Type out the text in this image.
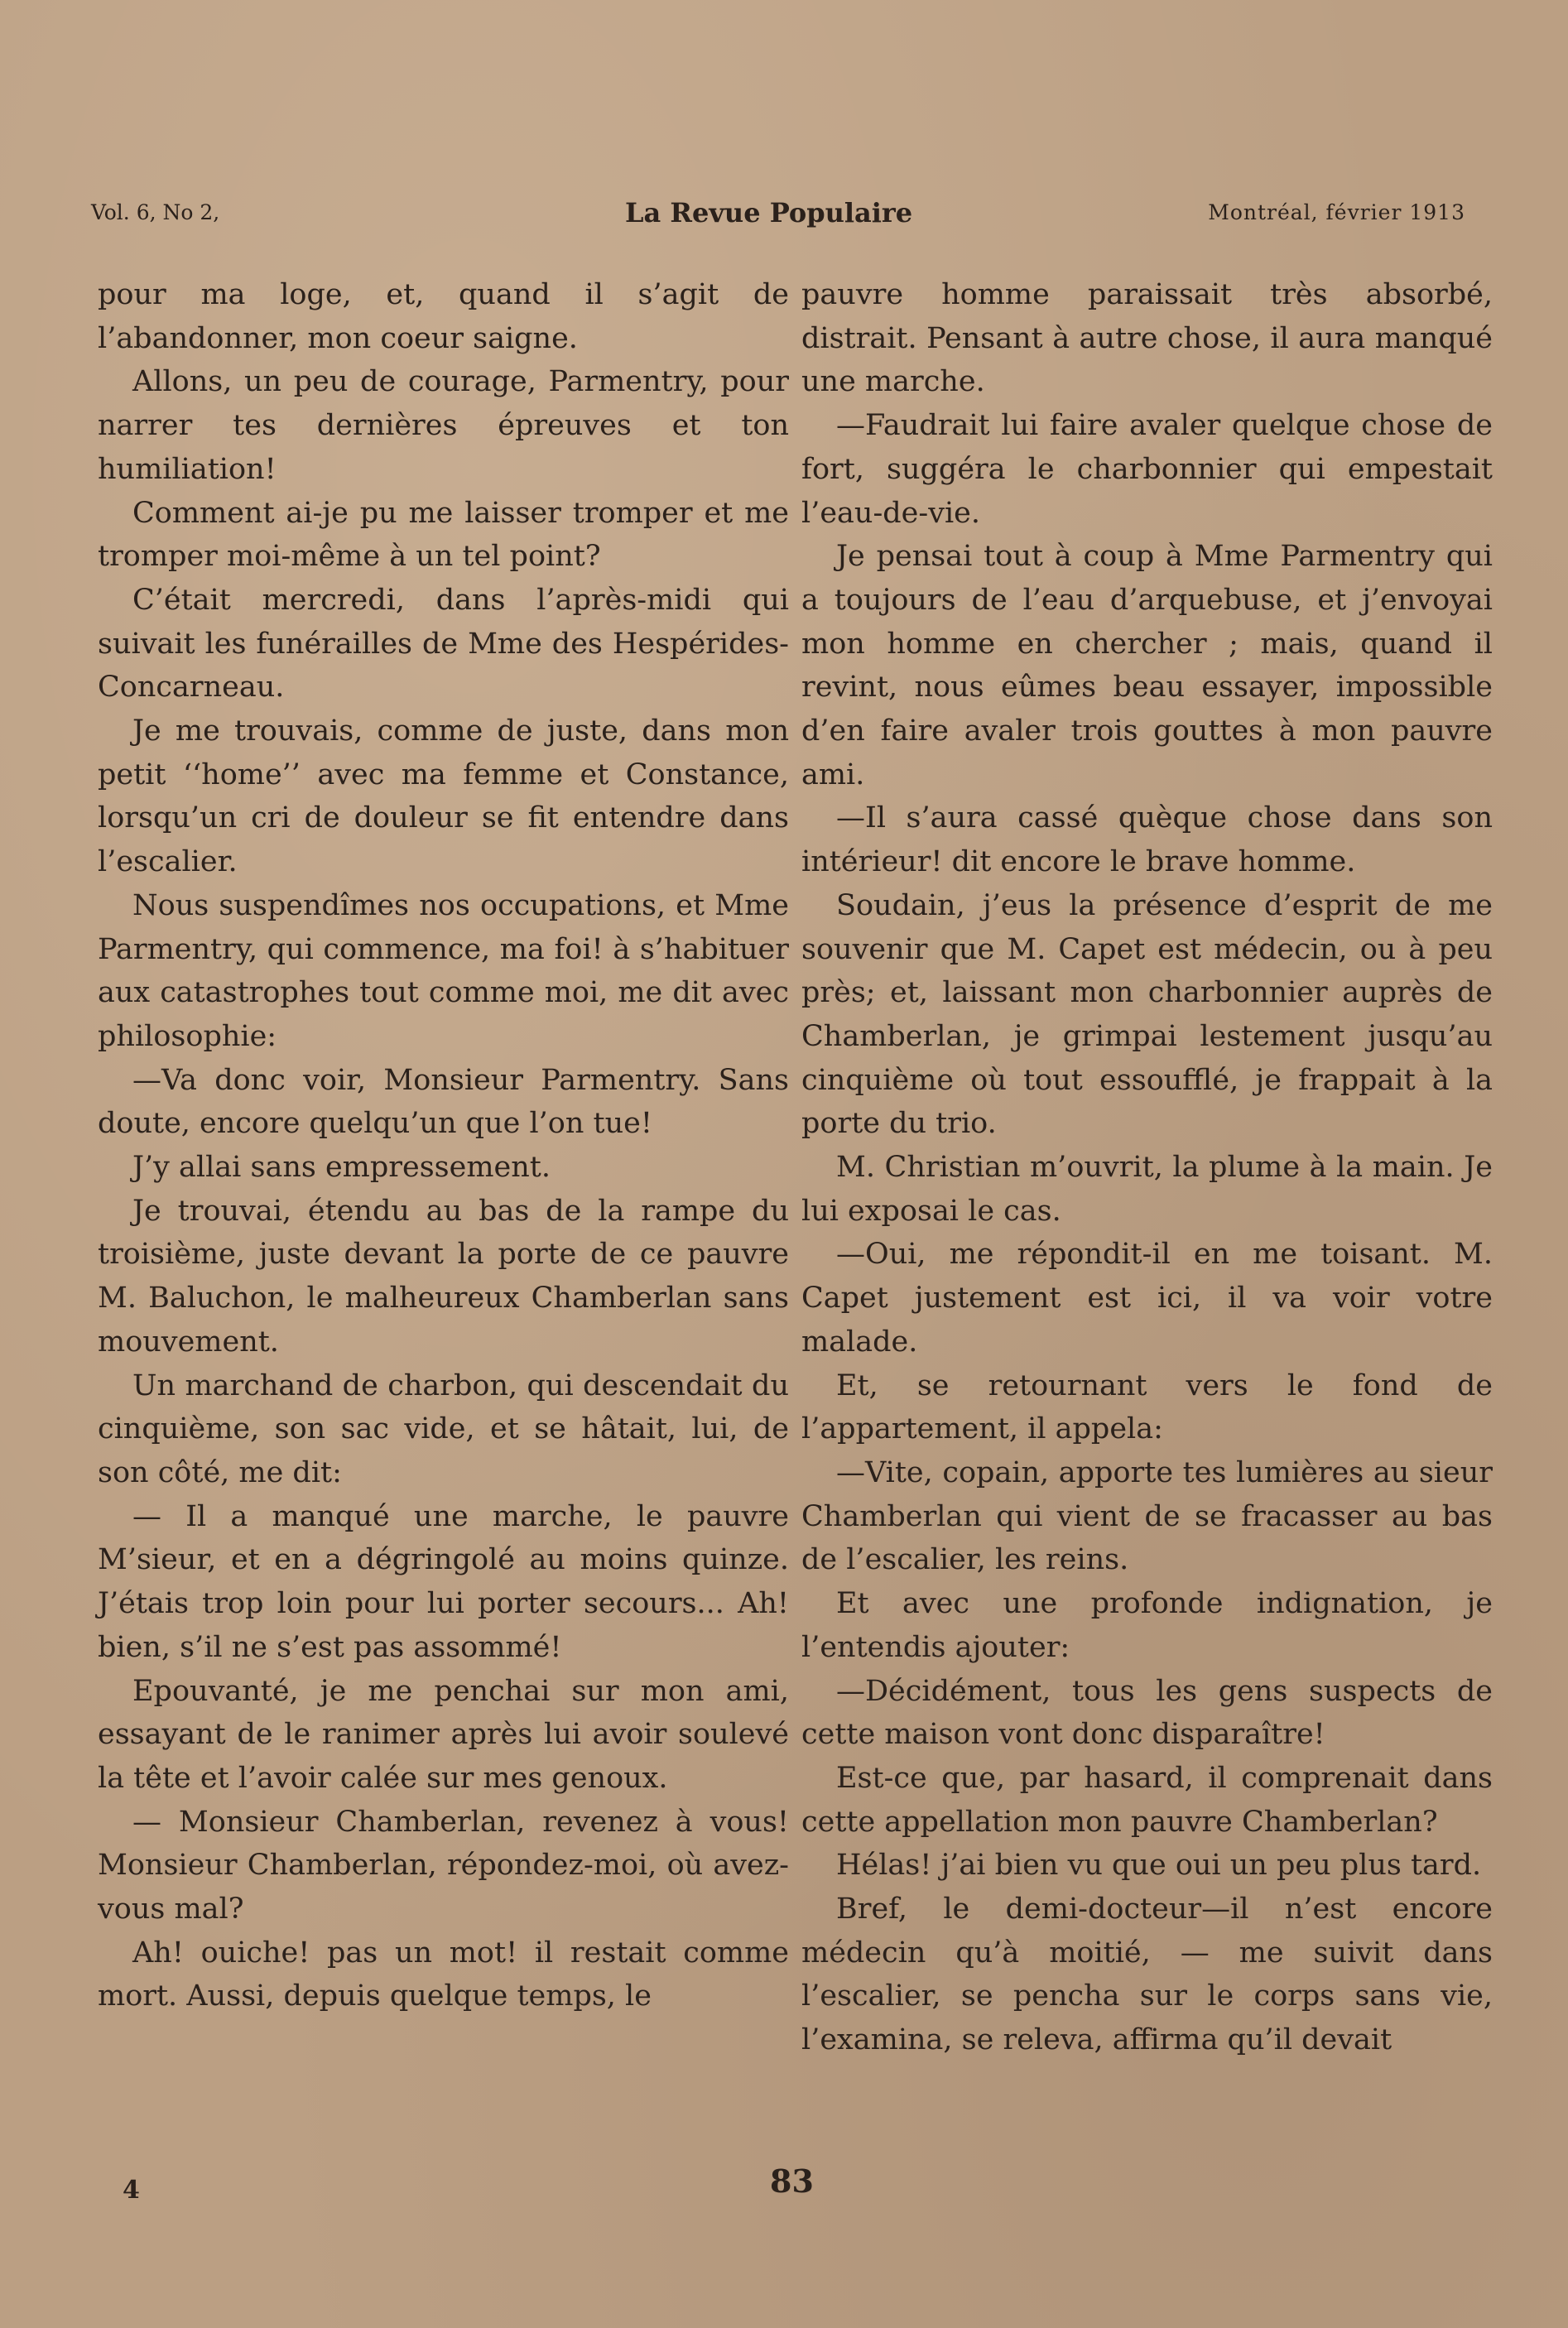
Vol. 6, No 2,	La Revue Populaire	Montréal, février 1913

pour ma loge, et, quand il s’agit de l’abandonner, mon coeur saigne.

Allons, un peu de courage, Parmentry, pour narrer tes dernières épreuves et ton humiliation!

Comment ai-je pu me laisser tromper et me tromper moi-même à un tel point?

C’était mercredi, dans l’après-midi qui suivait les funérailles de Mme des Hespérides-Concarneau.

Je me trouvais, comme de juste, dans mon petit ‘‘home’’ avec ma femme et Constance, lorsqu’un cri de douleur se fit entendre dans l’escalier.

Nous suspendîmes nos occupations, et Mme Parmentry, qui commence, ma foi! à s’habituer aux catastrophes tout comme moi, me dit avec philosophie:

—Va donc voir, Monsieur Parmentry. Sans doute, encore quelqu’un que l’on tue!

J’y allai sans empressement.

Je trouvai, étendu au bas de la rampe du troisième, juste devant la porte de ce pauvre M. Baluchon, le malheureux Chamberlan sans mouvement.

Un marchand de charbon, qui descendait du cinquième, son sac vide, et se hâtait, lui, de son côté, me dit:

— Il a manqué une marche, le pauvre M’sieur, et en a dégringolé au moins quinze. J’étais trop loin pour lui porter secours... Ah! bien, s’il ne s’est pas assommé!

Epouvanté, je me penchai sur mon ami, essayant de le ranimer après lui avoir soulevé la tête et l’avoir calée sur mes genoux.

— Monsieur Chamberlan, revenez à vous! Monsieur Chamberlan, répondez-moi, où avez-vous mal?

Ah! ouiche! pas un mot! il restait comme mort. Aussi, depuis quelque temps, le

pauvre homme paraissait très absorbé, distrait. Pensant à autre chose, il aura manqué une marche.

—Faudrait lui faire avaler quelque chose de fort, suggéra le charbonnier qui empestait l’eau-de-vie.

Je pensai tout à coup à Mme Parmentry qui a toujours de l’eau d’arquebuse, et j’envoyai mon homme en chercher ; mais, quand il revint, nous eûmes beau essayer, impossible d’en faire avaler trois gouttes à mon pauvre ami.

—Il s’aura cassé quèque chose dans son intérieur! dit encore le brave homme.

Soudain, j’eus la présence d’esprit de me souvenir que M. Capet est médecin, ou à peu près; et, laissant mon charbonnier auprès de Chamberlan, je grimpai lestement jusqu’au cinquième où tout essoufflé, je frappait à la porte du trio.

M. Christian m’ouvrit, la plume à la main. Je lui exposai le cas.

—Oui, me répondit-il en me toisant. M. Capet justement est ici, il va voir votre malade.

Et, se retournant vers le fond de l’appartement, il appela:

—Vite, copain, apporte tes lumières au sieur Chamberlan qui vient de se fracasser au bas de l’escalier, les reins.

Et avec une profonde indignation, je l’entendis ajouter:

—Décidément, tous les gens suspects de cette maison vont donc disparaître!

Est-ce que, par hasard, il comprenait dans cette appellation mon pauvre Chamberlan?

Hélas! j’ai bien vu que oui un peu plus tard.

Bref, le demi-docteur—il n’est encore médecin qu’à moitié, — me suivit dans l’escalier, se pencha sur le corps sans vie, l’examina, se releva, affirma qu’il devait

4	83
